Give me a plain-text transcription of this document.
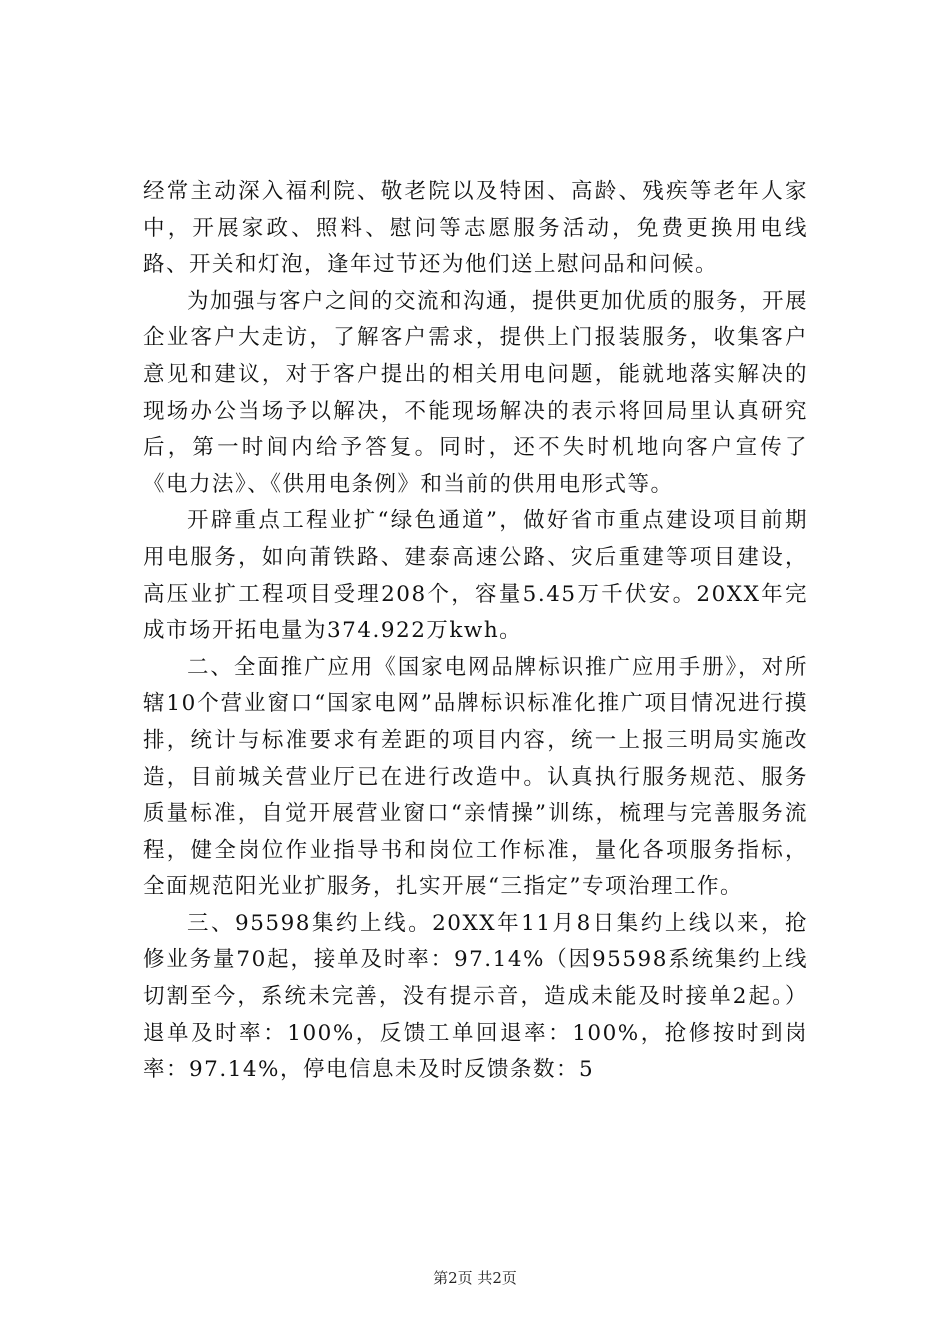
经常主动深入福利院、敬老院以及特困、高龄、残疾等老年人家中，开展家政、照料、慰问等志愿服务活动，免费更换用电线路、开关和灯泡，逢年过节还为他们送上慰问品和问候。

为加强与客户之间的交流和沟通，提供更加优质的服务，开展企业客户大走访，了解客户需求，提供上门报装服务，收集客户意见和建议，对于客户提出的相关用电问题，能就地落实解决的现场办公当场予以解决，不能现场解决的表示将回局里认真研究后，第一时间内给予答复。同时，还不失时机地向客户宣传了《电力法》、《供用电条例》和当前的供用电形式等。

开辟重点工程业扩“绿色通道”，做好省市重点建设项目前期用电服务，如向莆铁路、建泰高速公路、灾后重建等项目建设，高压业扩工程项目受理208个，容量5.45万千伏安。20XX年完成市场开拓电量为374.922万kwh。

二、全面推广应用《国家电网品牌标识推广应用手册》，对所辖10个营业窗口“国家电网”品牌标识标准化推广项目情况进行摸排，统计与标准要求有差距的项目内容，统一上报三明局实施改造，目前城关营业厅已在进行改造中。认真执行服务规范、服务质量标准，自觉开展营业窗口“亲情操”训练，梳理与完善服务流程，健全岗位作业指导书和岗位工作标准，量化各项服务指标，全面规范阳光业扩服务，扎实开展“三指定”专项治理工作。

三、95598集约上线。20XX年11月8日集约上线以来，抢修业务量70起，接单及时率：97.14%（因95598系统集约上线切割至今，系统未完善，没有提示音，造成未能及时接单2起。）退单及时率：100%，反馈工单回退率：100%，抢修按时到岗率：97.14%，停电信息未及时反馈条数：5

第2页 共2页
